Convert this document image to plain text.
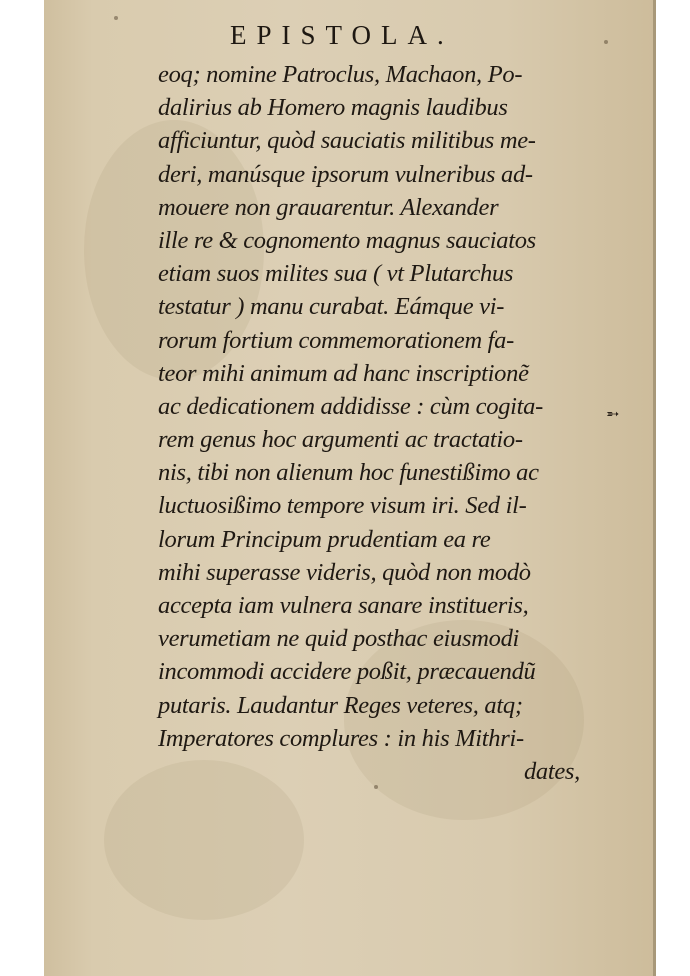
EPISTOLA.
eoq; nomine Patroclus, Machaon, Po-
dalirius ab Homero magnis laudibus
afficiuntur, quòd sauciatis militibus me-
deri, manúsque ipsorum vulneribus ad-
mouere non grauarentur. Alexander
ille re & cognomento magnus sauciatos
etiam suos milites sua ( vt Plutarchus
testatur ) manu curabat. Eámque vi-
rorum fortium commemorationem fa-
teor mihi animum ad hanc inscriptionẽ
ac dedicationem addidisse : cùm cogita-
rem genus hoc argumenti ac tractatio-
nis, tibi non alienum hoc funestißimo ac
luctuosißimo tempore visum iri. Sed il-
lorum Principum prudentiam ea re
mihi superasse videris, quòd non modò
accepta iam vulnera sanare institueris,
verumetiam ne quid posthac eiusmodi
incommodi accidere poßit, præcauendũ
putaris. Laudantur Reges veteres, atq;
Imperatores complures : in his Mithri-
dates,
➵
